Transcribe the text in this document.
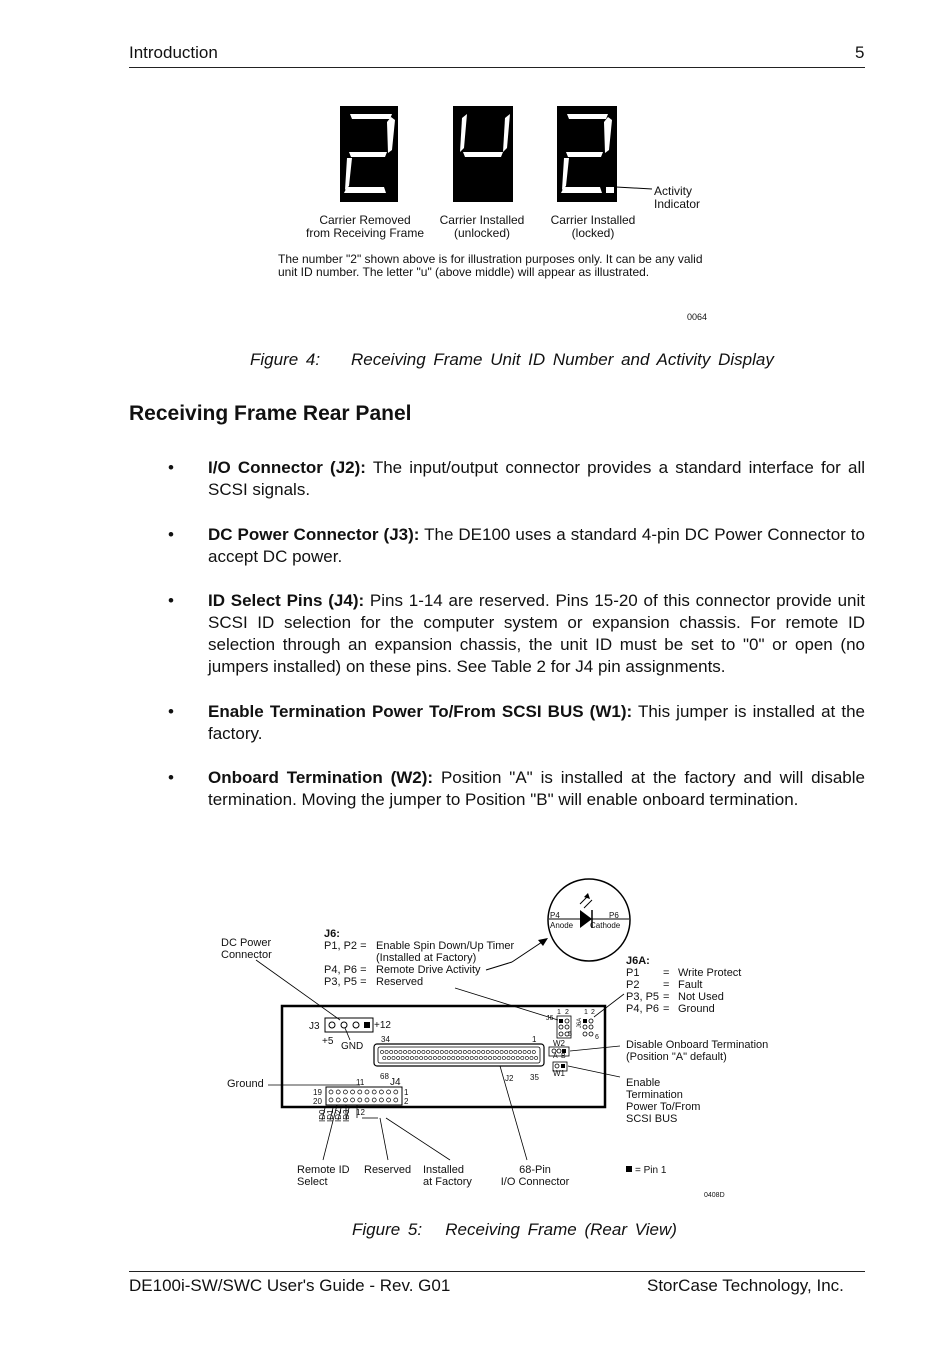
Introduction	5
Activity
Indicator
Carrier Removed
from Receiving Frame
Carrier Installed
(unlocked)
Carrier Installed
(locked)
The number "2" shown above is for illustration purposes only. It can be any valid
unit ID number. The letter "u" (above middle) will appear as illustrated.
0064
Figure 4: Receiving Frame Unit ID Number and Activity Display
Receiving Frame Rear Panel
• I/O Connector (J2): The input/output connector provides a standard interface for all SCSI signals.
• DC Power Connector (J3): The DE100 uses a standard 4-pin DC Power Connector to accept DC power.
• ID Select Pins (J4): Pins 1-14 are reserved. Pins 15-20 of this connector provide unit SCSI ID selection for the computer system or expansion chassis. For remote ID selection through an expansion chassis, the unit ID must be set to "0" or open (no jumpers installed) on these pins. See Table 2 for J4 pin assignments.
• Enable Termination Power To/From SCSI BUS (W1): This jumper is installed at the factory.
• Onboard Termination (W2): Position "A" is installed at the factory and will disable termination. Moving the jumper to Position "B" will enable onboard termination.
DC Power
Connector
J6:
P1, P2 = Enable Spin Down/Up Timer
(Installed at Factory)
P4, P6 = Remote Drive Activity
P3, P5 = Reserved
P4	P6
Anode Cathode
J6A:
P1 = Write Protect
P2 = Fault
P3, P5 = Not Used
P4, P6 = Ground
J3	+12
+5 GND
34	1
68	J2 35
11	J4
19
20
1
2
12
J6	J6A
1 2 1 2
5	6
W2
A B
W1
ID0 ID1 ID2 ID3
Ground
Disable Onboard Termination
(Position "A" default)
Enable
Termination
Power To/From
SCSI BUS
Remote ID
Select
Reserved Installed
at Factory
68-Pin
I/O Connector
= Pin 1
0408D
Figure 5: Receiving Frame (Rear View)
DE100i-SW/SWC User's Guide - Rev. G01	StorCase Technology, Inc.
